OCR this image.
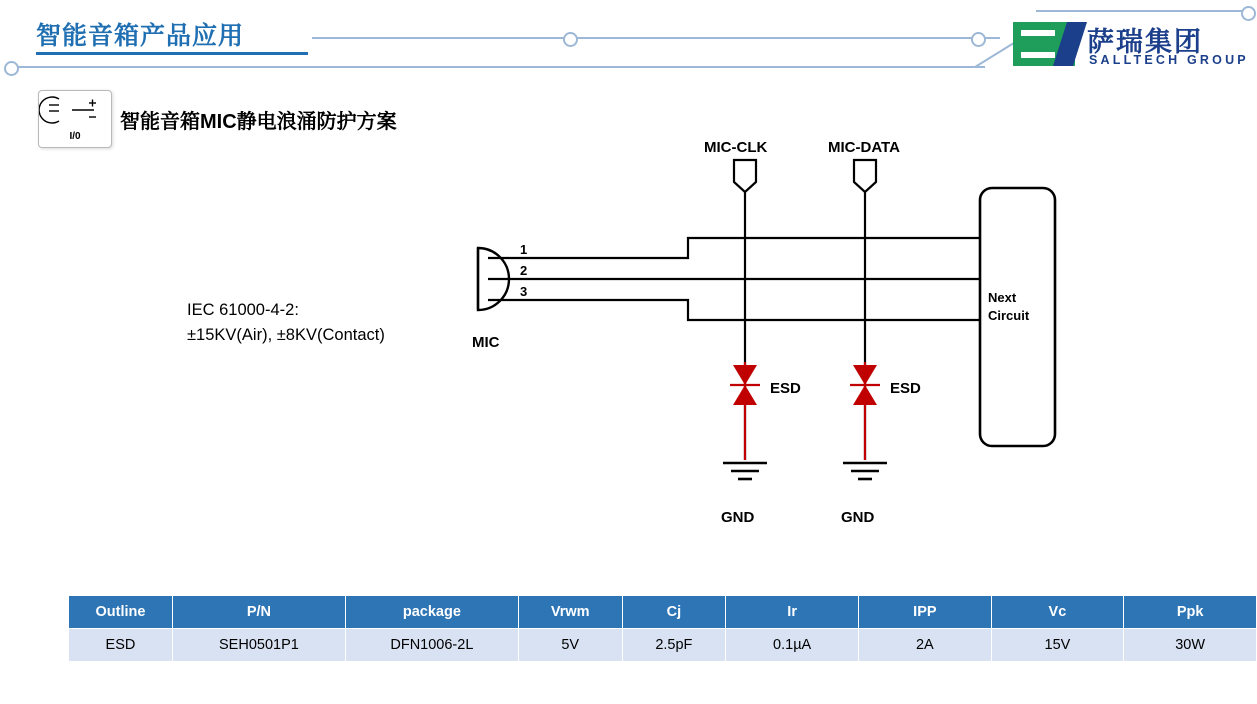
智能音箱产品应用	萨瑞集团
SALLTECH GROUP
I/0
智能音箱MIC静电浪涌防护方案
IEC 61000-4-2:
±15KV(Air), ±8KV(Contact)
MIC-CLK	MIC-DATA
1
2
3
MIC
ESD	ESD
GND	GND
Next
Circuit
Outline	P/N	package	Vrwm	Cj	Ir	IPP	Vc	Ppk
ESD	SEH0501P1	DFN1006-2L	5V	2.5pF	0.1µA	2A	15V	30W
